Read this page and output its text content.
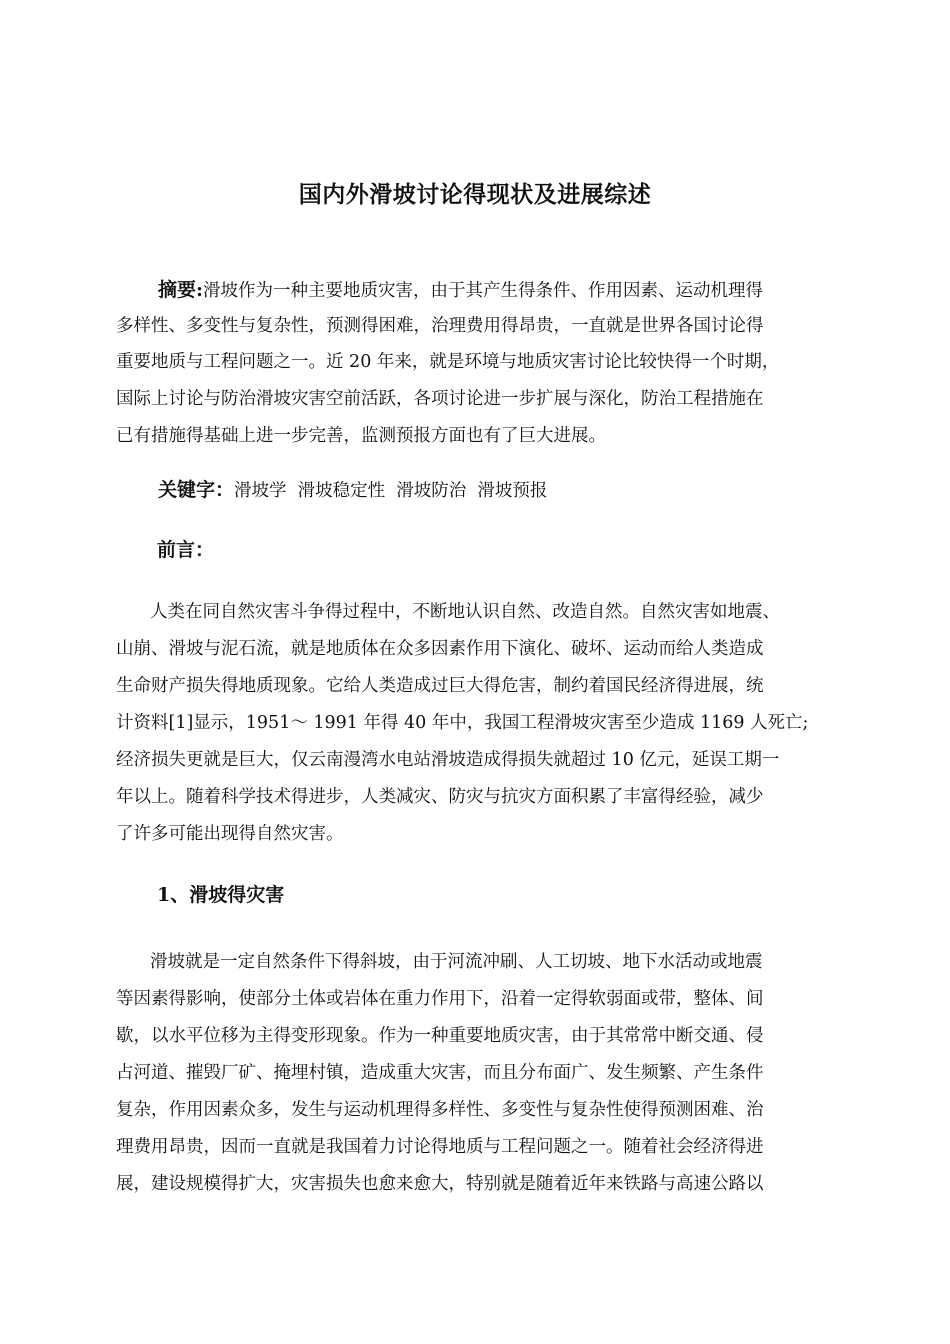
国内外滑坡讨论得现状及进展综述
摘要:滑坡作为一种主要地质灾害，由于其产生得条件、作用因素、运动机理得
多样性、多变性与复杂性，预测得困难，治理费用得昂贵，一直就是世界各国讨论得
重要地质与工程问题之一。近 20 年来，就是环境与地质灾害讨论比较快得一个时期，
国际上讨论与防治滑坡灾害空前活跃，各项讨论进一步扩展与深化，防治工程措施在
已有措施得基础上进一步完善，监测预报方面也有了巨大进展。
关键字：滑坡学  滑坡稳定性  滑坡防治  滑坡预报
前言：
人类在同自然灾害斗争得过程中，不断地认识自然、改造自然。自然灾害如地震、
山崩、滑坡与泥石流，就是地质体在众多因素作用下演化、破坏、运动而给人类造成
生命财产损失得地质现象。它给人类造成过巨大得危害，制约着国民经济得进展，统
计资料[1]显示，1951～ 1991 年得 40 年中，我国工程滑坡灾害至少造成 1169 人死亡;
经济损失更就是巨大，仅云南漫湾水电站滑坡造成得损失就超过 10 亿元，延误工期一
年以上。随着科学技术得进步，人类减灾、防灾与抗灾方面积累了丰富得经验，减少
了许多可能出现得自然灾害。
1、滑坡得灾害
滑坡就是一定自然条件下得斜坡，由于河流冲刷、人工切坡、地下水活动或地震
等因素得影响，使部分土体或岩体在重力作用下，沿着一定得软弱面或带，整体、间
歇，以水平位移为主得变形现象。作为一种重要地质灾害，由于其常常中断交通、侵
占河道、摧毁厂矿、掩埋村镇，造成重大灾害，而且分布面广、发生频繁、产生条件
复杂，作用因素众多，发生与运动机理得多样性、多变性与复杂性使得预测困难、治
理费用昂贵，因而一直就是我国着力讨论得地质与工程问题之一。随着社会经济得进
展，建设规模得扩大，灾害损失也愈来愈大，特别就是随着近年来铁路与高速公路以
